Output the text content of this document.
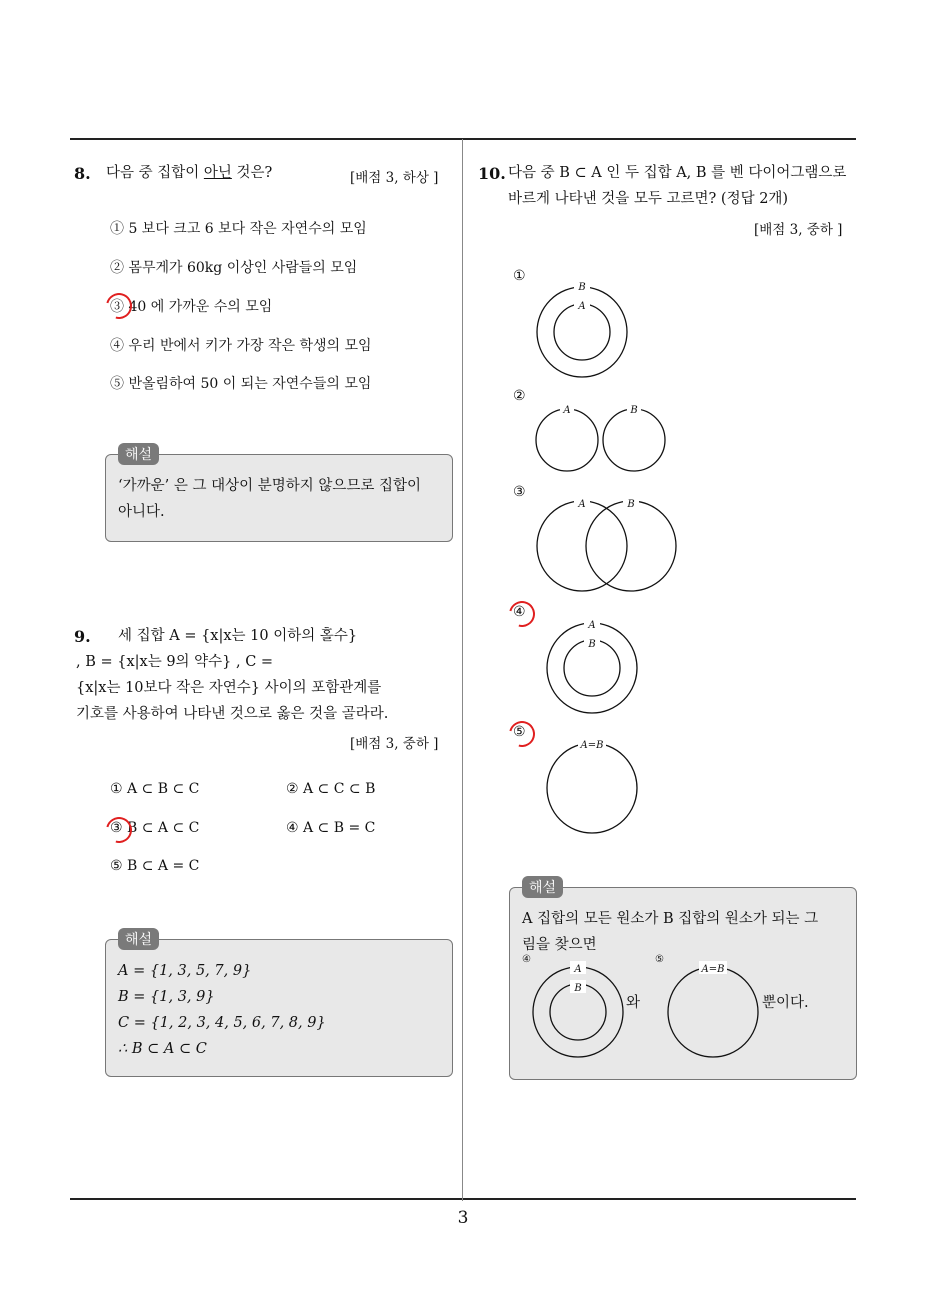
8. 다음 중 집합이 아닌 것은?	[배점 3, 하상 ]
① 5 보다 크고 6 보다 작은 자연수의 모임
② 몸무게가 60kg 이상인 사람들의 모임
③ 40 에 가까운 수의 모임
④ 우리 반에서 키가 가장 작은 학생의 모임
⑤ 반올림하여 50 이 되는 자연수들의 모임
‘가까운’ 은 그 대상이 분명하지 않으므로 집합이
아니다.
해설
9. 세 집합 A = {x|x는 10 이하의 홀수}
, B = {x|x는 9의 약수} , C =
{x|x는 10보다 작은 자연수} 사이의 포함관계를
기호를 사용하여 나타낸 것으로 옳은 것을 골라라.
[배점 3, 중하 ]
① A ⊂ B ⊂ C	② A ⊂ C ⊂ B
③ B ⊂ A ⊂ C	④ A ⊂ B = C
⑤ B ⊂ A = C
A = {1, 3, 5, 7, 9}
B = {1, 3, 9}
C = {1, 2, 3, 4, 5, 6, 7, 8, 9}
∴ B ⊂ A ⊂ C
해설
10. 다음 중 B ⊂ A 인 두 집합 A, B 를 벤 다이어그램으로
바르게 나타낸 것을 모두 고르면? (정답 2개)
[배점 3, 중하 ]
①
②
③
④
⑤
B
A
A	B
A	B
A
B
A=B
A 집합의 모든 원소가 B 집합의 원소가 되는 그
림을 찾으면
④	⑤
A
B
A=B
와	뿐이다.
해설
3
